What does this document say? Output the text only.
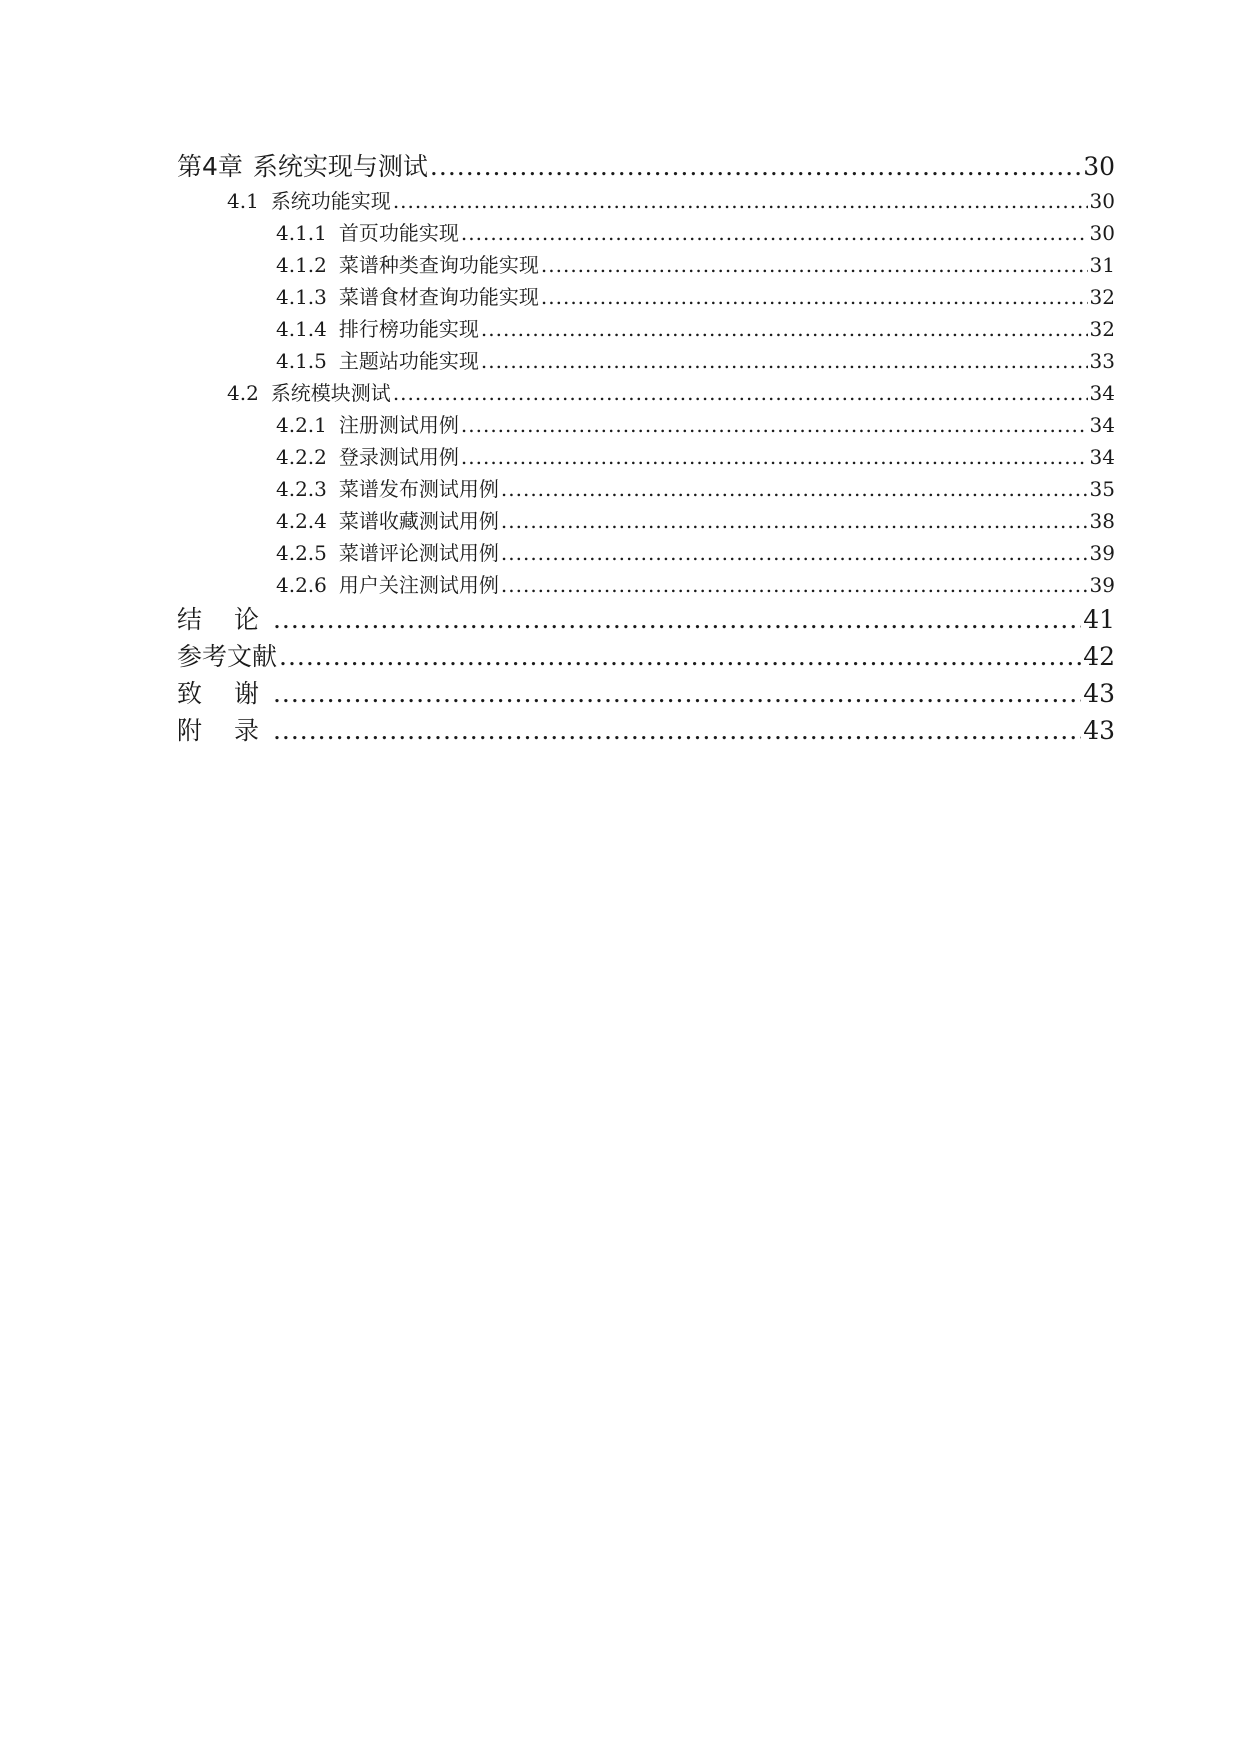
第4章 系统实现与测试 .....	30
4.1 系统功能实现 .....	30
4.1.1 首页功能实现 .....	30
4.1.2 菜谱种类查询功能实现 .....	31
4.1.3 菜谱食材查询功能实现 .....	32
4.1.4 排行榜功能实现 .....	32
4.1.5 主题站功能实现 .....	33
4.2 系统模块测试 .....	34
4.2.1 注册测试用例 .....	34
4.2.2 登录测试用例 .....	34
4.2.3 菜谱发布测试用例 .....	35
4.2.4 菜谱收藏测试用例 .....	38
4.2.5 菜谱评论测试用例 .....	39
4.2.6 用户关注测试用例 .....	39
结 论 .....	41
参考文献 .....	42
致 谢 .....	43
附 录 .....	43
